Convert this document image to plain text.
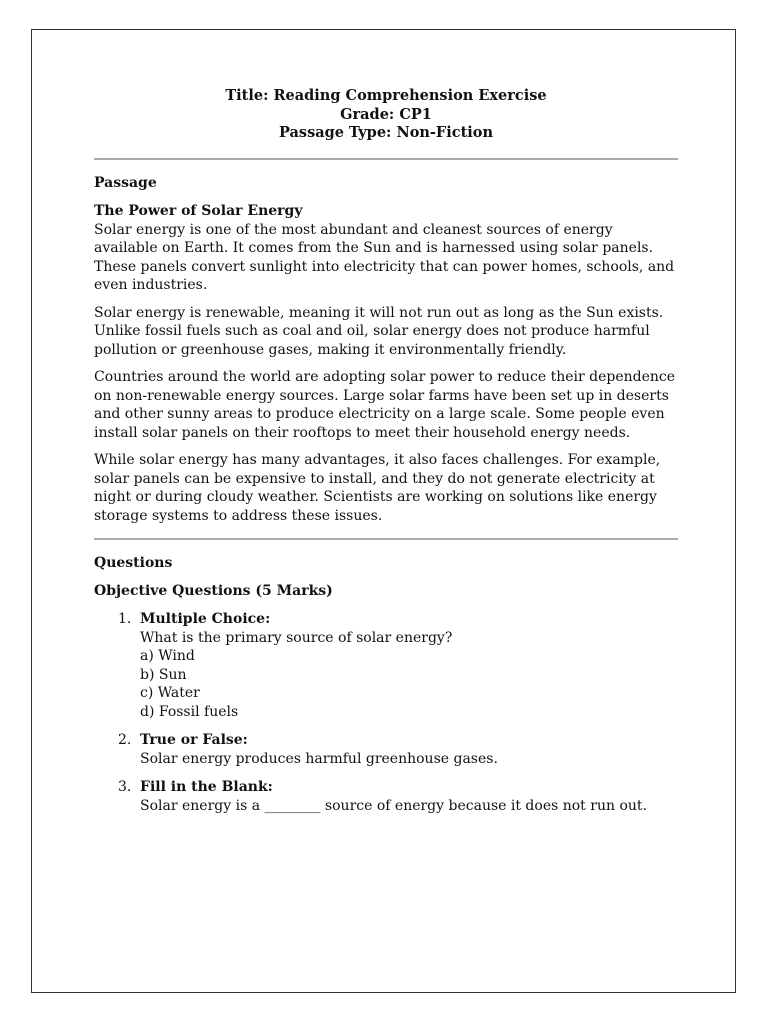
Title: Reading Comprehension Exercise
Grade: CP1
Passage Type: Non-Fiction
Passage
The Power of Solar Energy

Solar energy is one of the most abundant and cleanest sources of energy available on Earth. It comes from the Sun and is harnessed using solar panels. These panels convert sunlight into electricity that can power homes, schools, and even industries.

Solar energy is renewable, meaning it will not run out as long as the Sun exists. Unlike fossil fuels such as coal and oil, solar energy does not produce harmful pollution or greenhouse gases, making it environmentally friendly.

Countries around the world are adopting solar power to reduce their dependence on non-renewable energy sources. Large solar farms have been set up in deserts and other sunny areas to produce electricity on a large scale. Some people even install solar panels on their rooftops to meet their household energy needs.

While solar energy has many advantages, it also faces challenges. For example, solar panels can be expensive to install, and they do not generate electricity at night or during cloudy weather. Scientists are working on solutions like energy storage systems to address these issues.

Questions
Objective Questions (5 Marks)
1. Multiple Choice:
What is the primary source of solar energy?
a) Wind
b) Sun
c) Water
d) Fossil fuels
2. True or False:
Solar energy produces harmful greenhouse gases.
3. Fill in the Blank:
Solar energy is a ________ source of energy because it does not run out.
